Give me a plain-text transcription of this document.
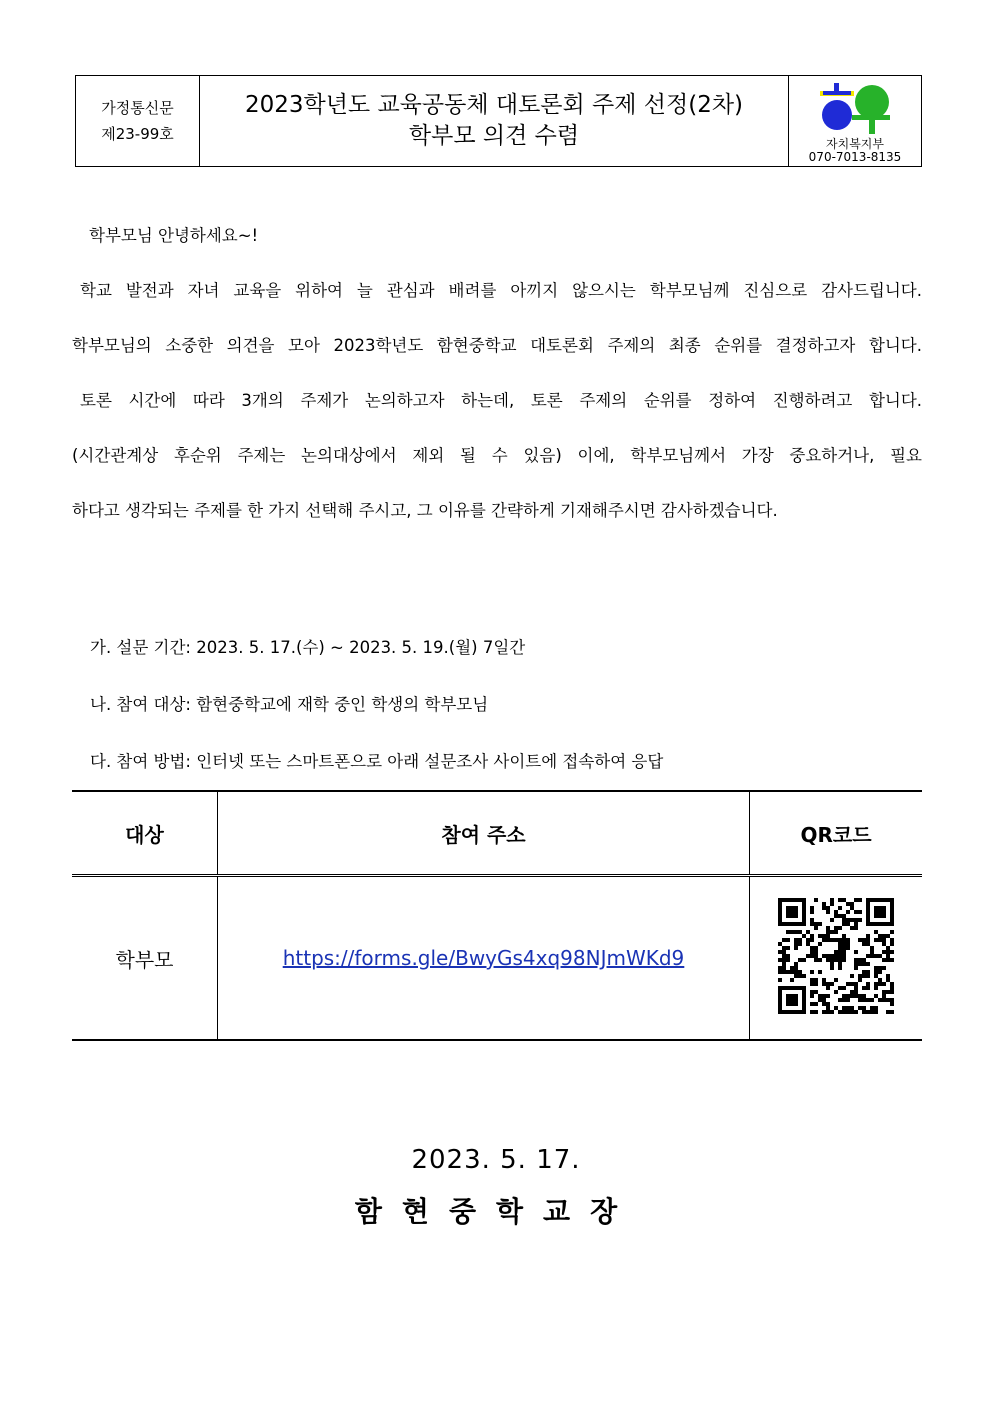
가정통신문
제23-99호
2023학년도 교육공동체 대토론회 주제 선정(2차)
학부모 의견 수렴	자치복지부
070-7013-8135

학부모님 안녕하세요~!

학교 발전과 자녀 교육을 위하여 늘 관심과 배려를 아끼지 않으시는 학부모님께 진심으로 감사드립니다.

학부모님의 소중한 의견을 모아 2023학년도 함현중학교 대토론회 주제의 최종 순위를 결정하고자 합니다.

토론 시간에 따라 3개의 주제가 논의하고자 하는데, 토론 주제의 순위를 정하여 진행하려고 합니다.

(시간관계상 후순위 주제는 논의대상에서 제외 될 수 있음) 이에, 학부모님께서 가장 중요하거나, 필요

하다고 생각되는 주제를 한 가지 선택해 주시고, 그 이유를 간략하게 기재해주시면 감사하겠습니다.

가. 설문 기간: 2023. 5. 17.(수) ~ 2023. 5. 19.(월) 7일간

나. 참여 대상: 함현중학교에 재학 중인 학생의 학부모님

다. 참여 방법: 인터넷 또는 스마트폰으로 아래 설문조사 사이트에 접속하여 응답

대상	참여 주소	QR코드
학부모	https://forms.gle/BwyGs4xq98NJmWKd9	
2023. 5. 17.
함현중학교장
